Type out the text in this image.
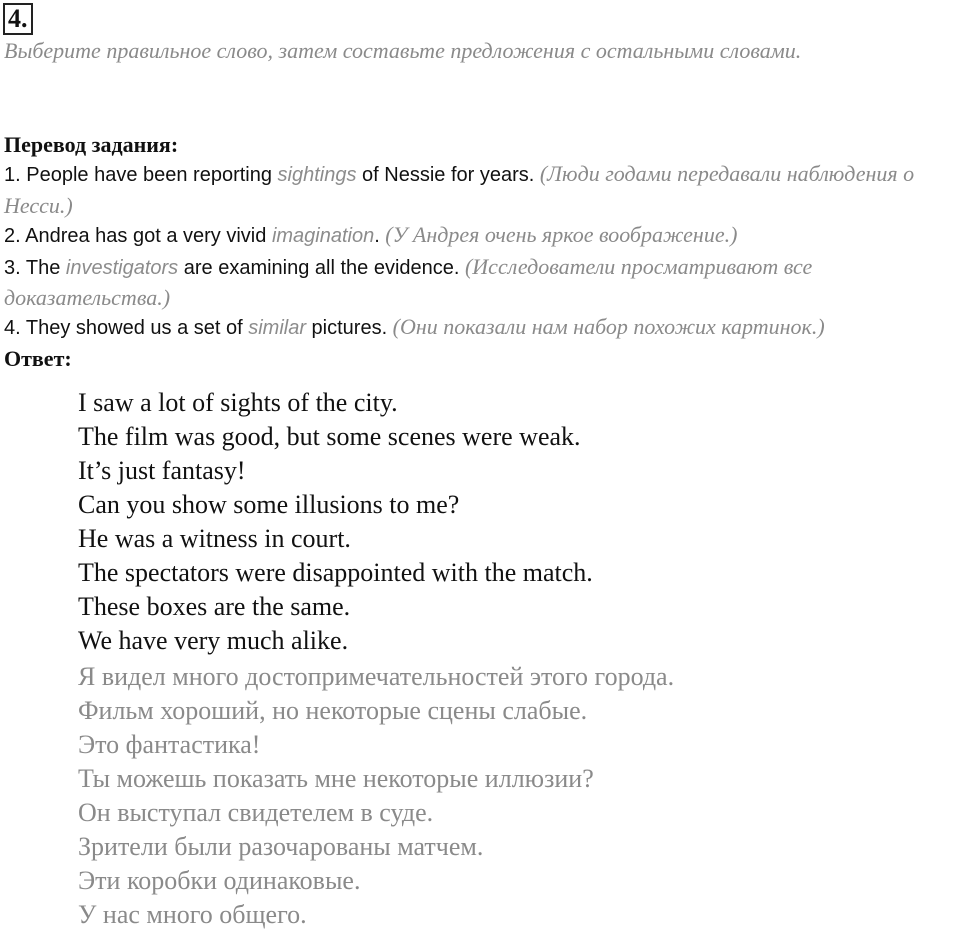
4.
Выберите правильное слово, затем составьте предложения с остальными словами.
Перевод задания:
1. People have been reporting sightings of Nessie for years. (Люди годами передавали наблюдения о Несси.)
2. Andrea has got a very vivid imagination. (У Андрея очень яркое воображение.)
3. The investigators are examining all the evidence. (Исследователи просматривают все доказательства.)
4. They showed us a set of similar pictures. (Они показали нам набор похожих картинок.)
Ответ:
I saw a lot of sights of the city.
The film was good, but some scenes were weak.
It’s just fantasy!
Can you show some illusions to me?
He was a witness in court.
The spectators were disappointed with the match.
These boxes are the same.
We have very much alike.
Я видел много достопримечательностей этого города.
Фильм хороший, но некоторые сцены слабые.
Это фантастика!
Ты можешь показать мне некоторые иллюзии?
Он выступал свидетелем в суде.
Зрители были разочарованы матчем.
Эти коробки одинаковые.
У нас много общего.
